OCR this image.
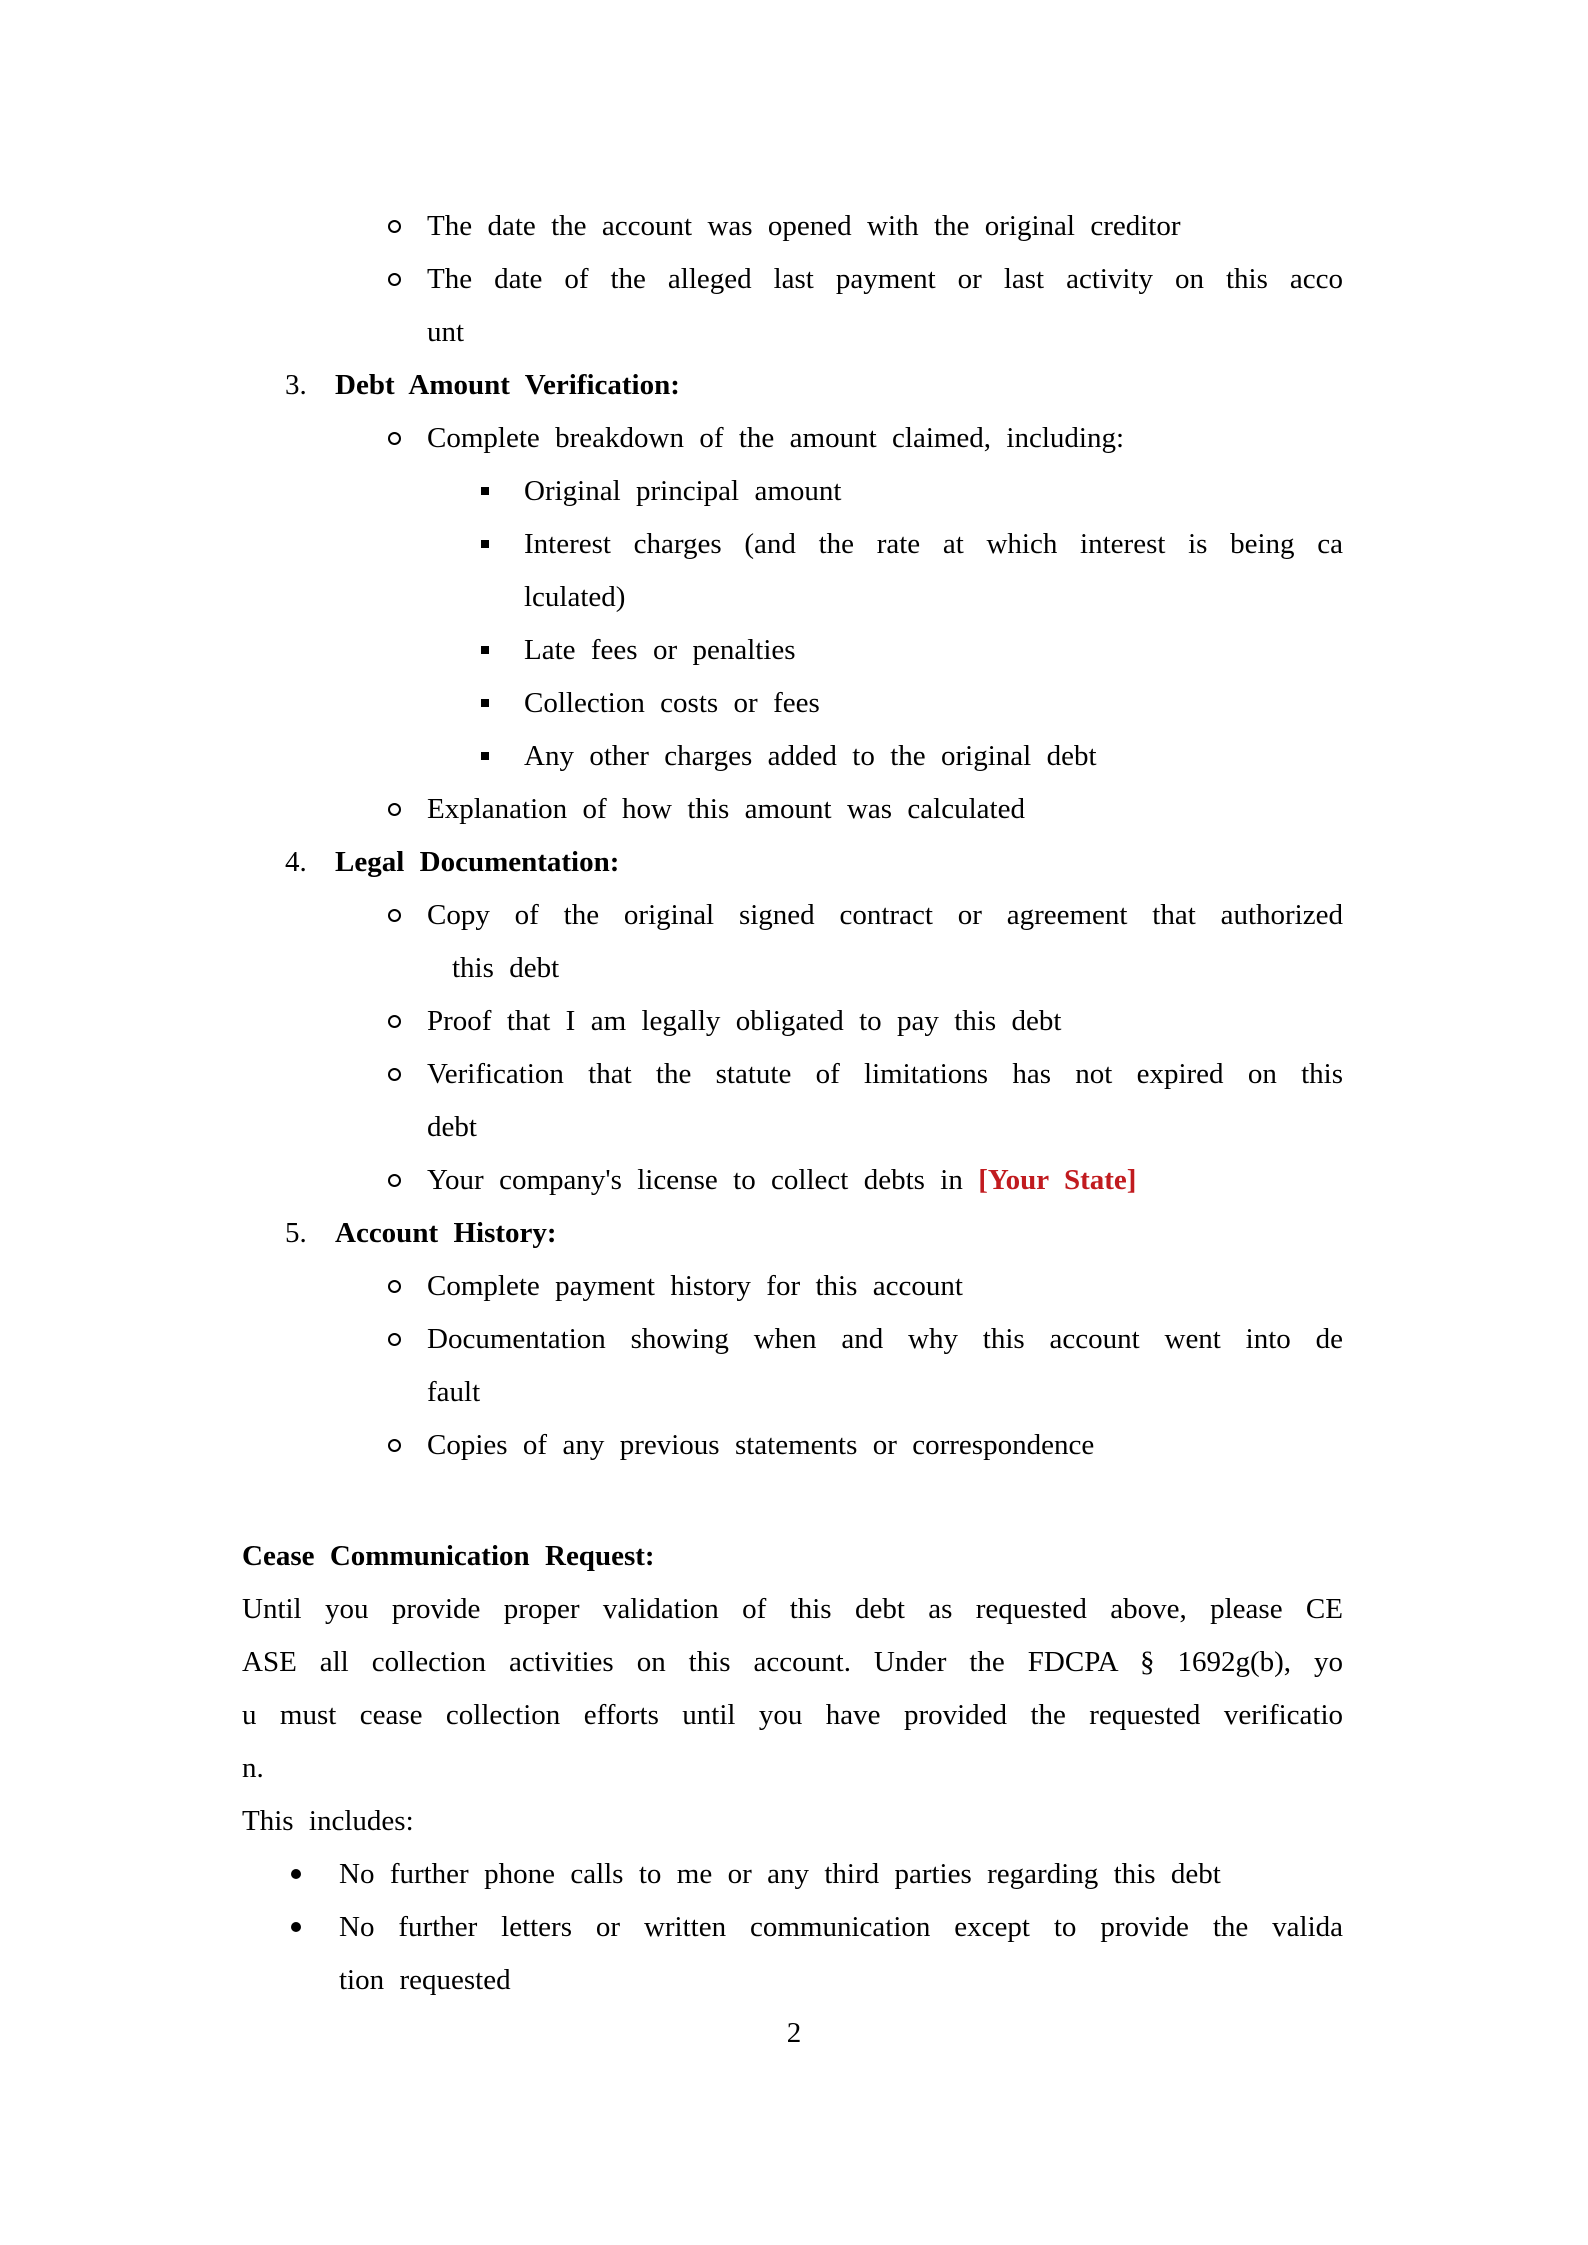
The date the account was opened with the original creditor
The date of the alleged last payment or last activity on this acco
unt
3. Debt Amount Verification:
Complete breakdown of the amount claimed, including:
Original principal amount
Interest charges (and the rate at which interest is being ca
lculated)
Late fees or penalties
Collection costs or fees
Any other charges added to the original debt
Explanation of how this amount was calculated
4. Legal Documentation:
Copy of the original signed contract or agreement that authorized
this debt
Proof that I am legally obligated to pay this debt
Verification that the statute of limitations has not expired on this
debt
Your company's license to collect debts in [Your State]
5. Account History:
Complete payment history for this account
Documentation showing when and why this account went into de
fault
Copies of any previous statements or correspondence
Cease Communication Request:
Until you provide proper validation of this debt as requested above, please CE
ASE all collection activities on this account. Under the FDCPA § 1692g(b), yo
u must cease collection efforts until you have provided the requested verificatio
n.
This includes:
No further phone calls to me or any third parties regarding this debt
No further letters or written communication except to provide the valida
tion requested
2
